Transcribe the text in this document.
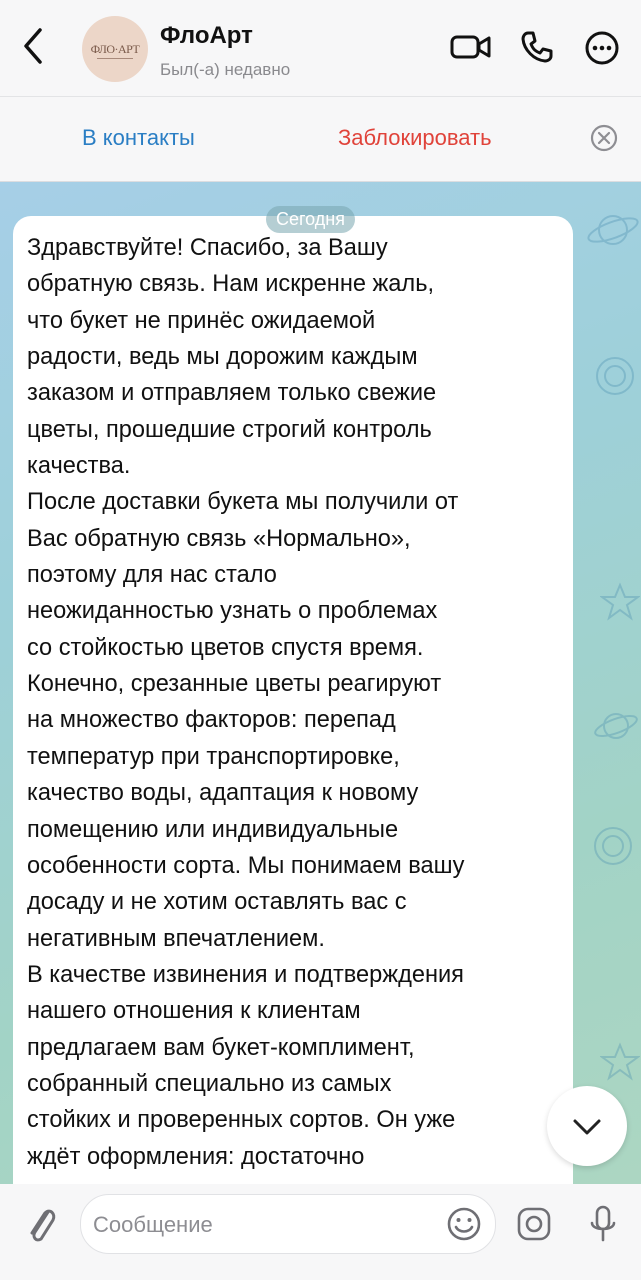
ФЛО·АРТ ФлоАрт
Был(-а) недавно
В контакты	Заблокировать
Здравствуйте! Спасибо, за Вашу
обратную связь. Нам искренне жаль,
что букет не принёс ожидаемой
радости, ведь мы дорожим каждым
заказом и отправляем только свежие
цветы, прошедшие строгий контроль
качества.
После доставки букета мы получили от
Вас обратную связь «Нормально»,
поэтому для нас стало
неожиданностью узнать о проблемах
со стойкостью цветов спустя время.
Конечно, срезанные цветы реагируют
на множество факторов: перепад
температур при транспортировке,
качество воды, адаптация к новому
помещению или индивидуальные
особенности сорта. Мы понимаем вашу
досаду и не хотим оставлять вас с
негативным впечатлением.
В качестве извинения и подтверждения
нашего отношения к клиентам
предлагаем вам букет-комплимент,
собранный специально из самых
стойких и проверенных сортов. Он уже
ждёт оформления: достаточно
Сегодня
Сообщение
